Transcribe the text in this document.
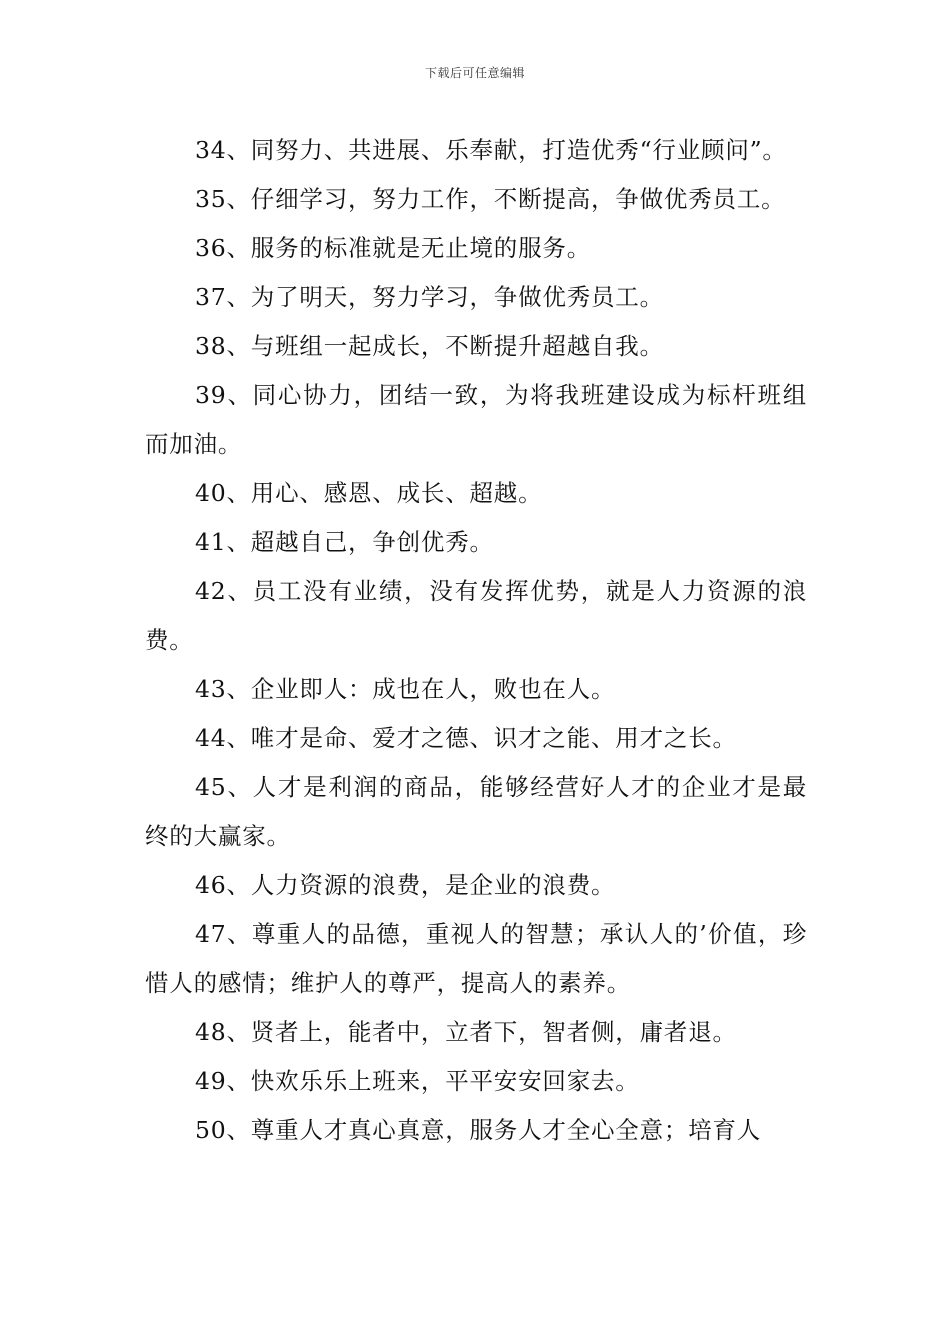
下载后可任意编辑

34、同努力、共进展、乐奉献，打造优秀“行业顾问”。

35、仔细学习，努力工作，不断提高，争做优秀员工。

36、服务的标准就是无止境的服务。

37、为了明天，努力学习，争做优秀员工。

38、与班组一起成长，不断提升超越自我。

39、同心协力，团结一致，为将我班建设成为标杆班组而加油。

40、用心、感恩、成长、超越。

41、超越自己，争创优秀。

42、员工没有业绩，没有发挥优势，就是人力资源的浪费。

43、企业即人：成也在人，败也在人。

44、唯才是命、爱才之德、识才之能、用才之长。

45、人才是利润的商品，能够经营好人才的企业才是最终的大赢家。

46、人力资源的浪费，是企业的浪费。

47、尊重人的品德，重视人的智慧；承认人的’价值，珍惜人的感情；维护人的尊严，提高人的素养。

48、贤者上，能者中，立者下，智者侧，庸者退。

49、快欢乐乐上班来，平平安安回家去。

50、尊重人才真心真意，服务人才全心全意；培育人
